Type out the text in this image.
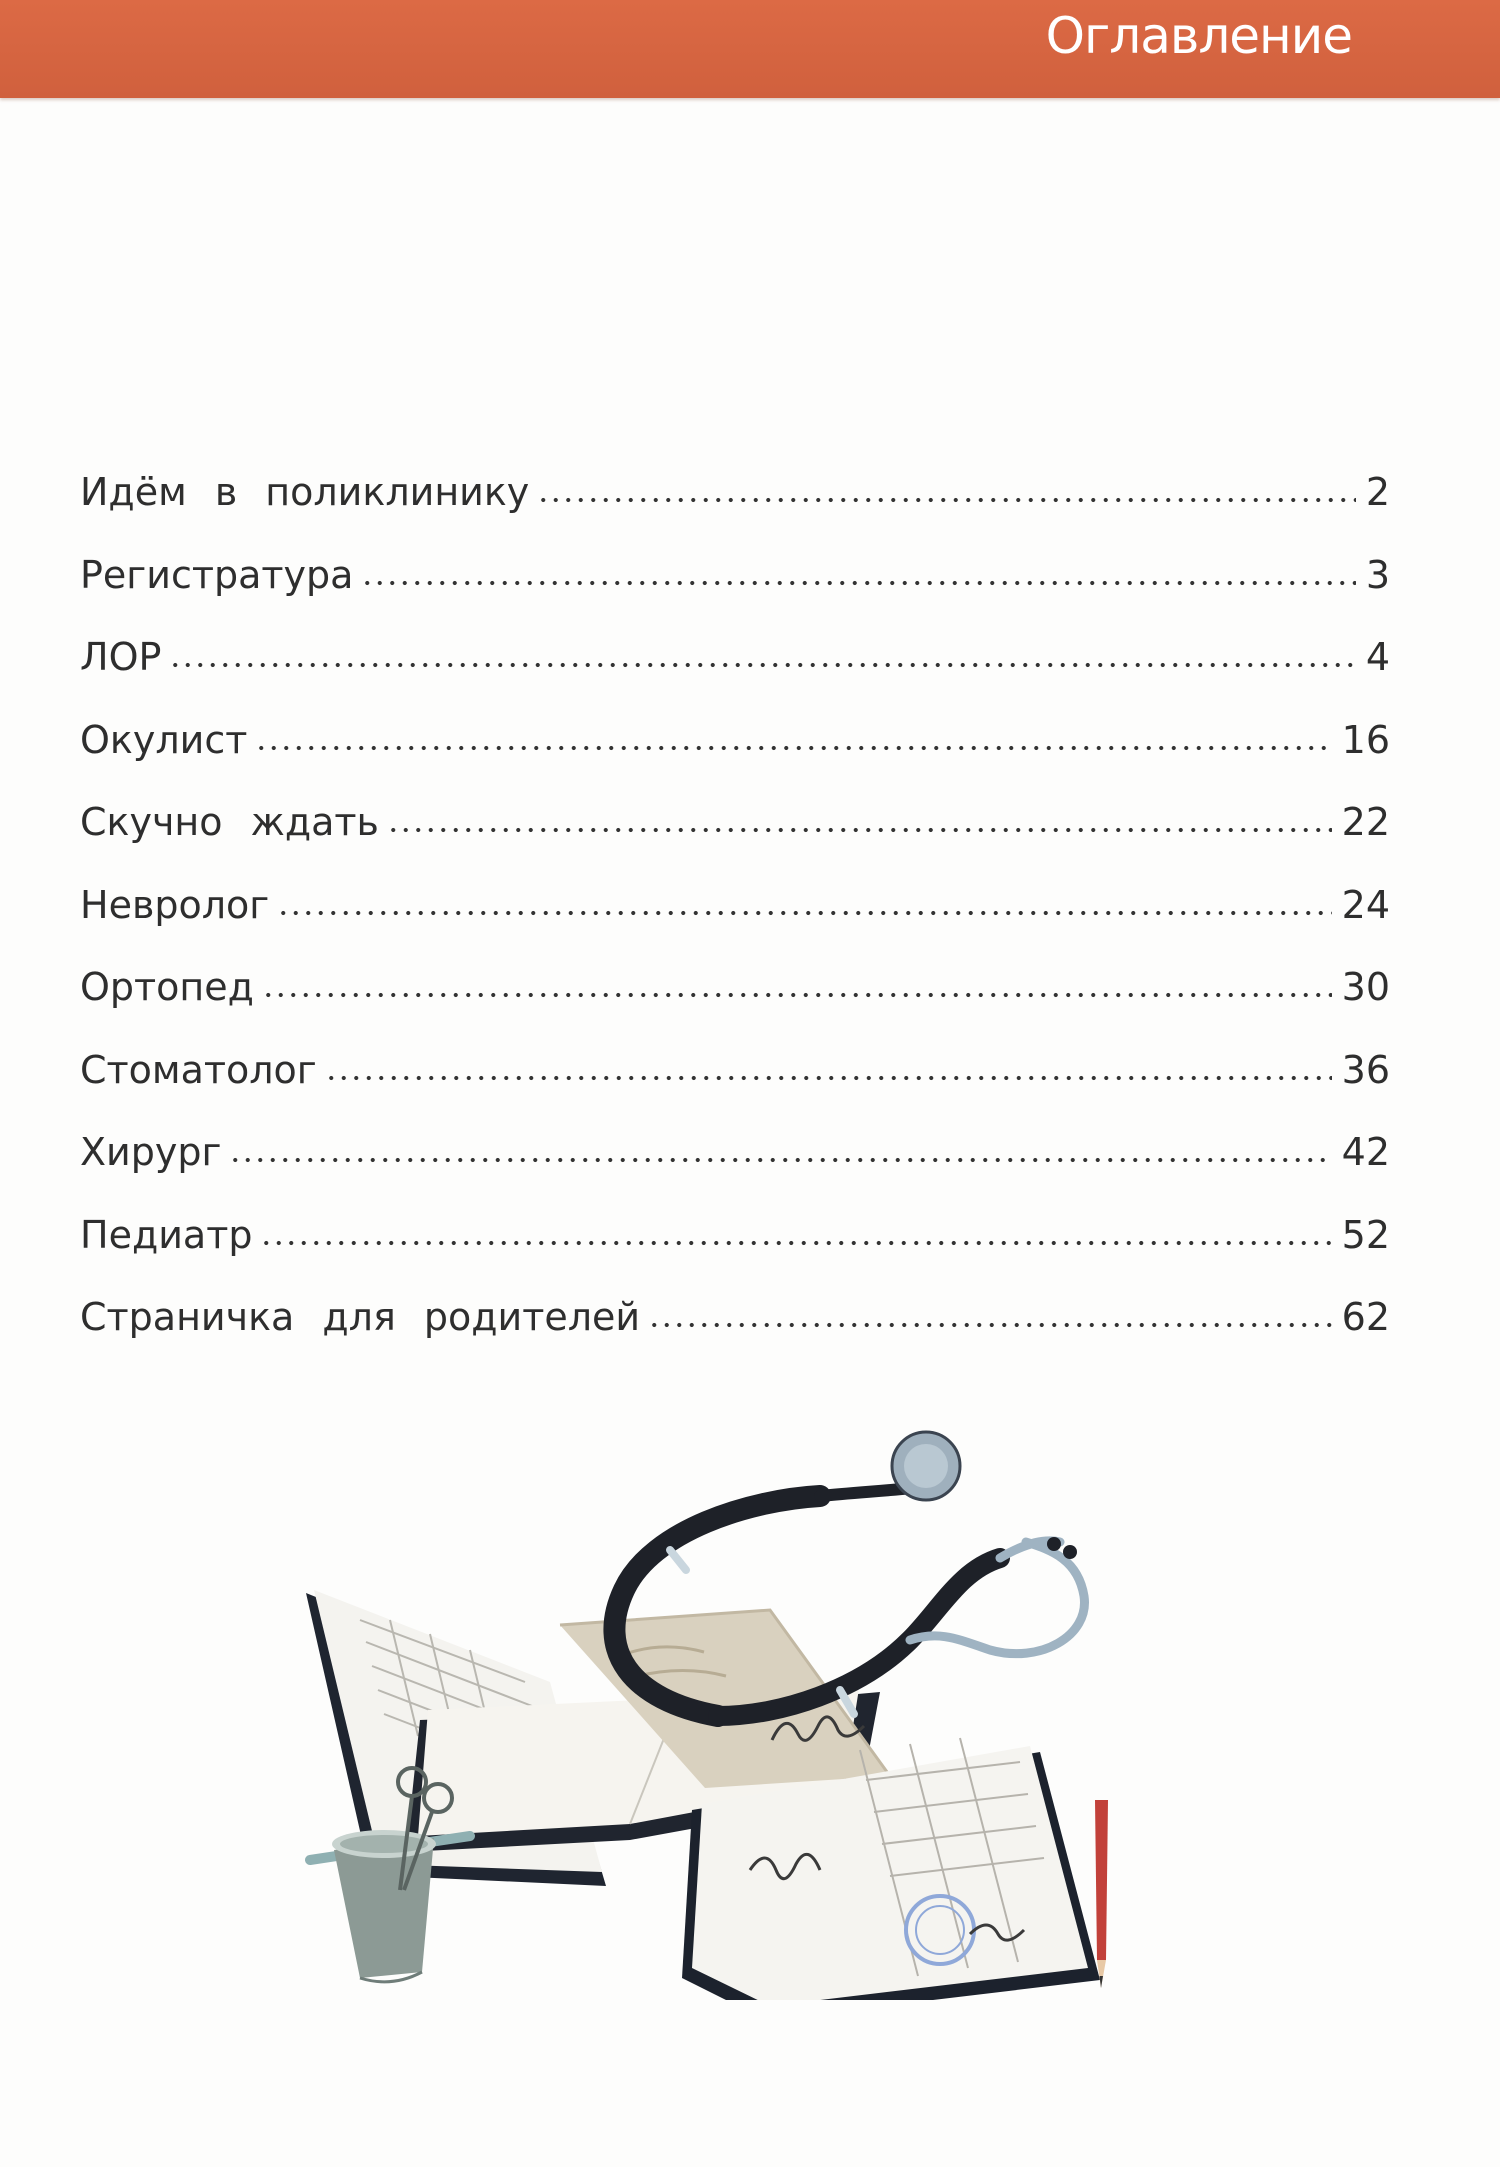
Оглавление
Идём в поликлинику	2
Регистратура	3
ЛОР	4
Окулист	16
Скучно ждать	22
Невролог	24
Ортопед	30
Стоматолог	36
Хирург	42
Педиатр	52
Страничка для родителей	62
